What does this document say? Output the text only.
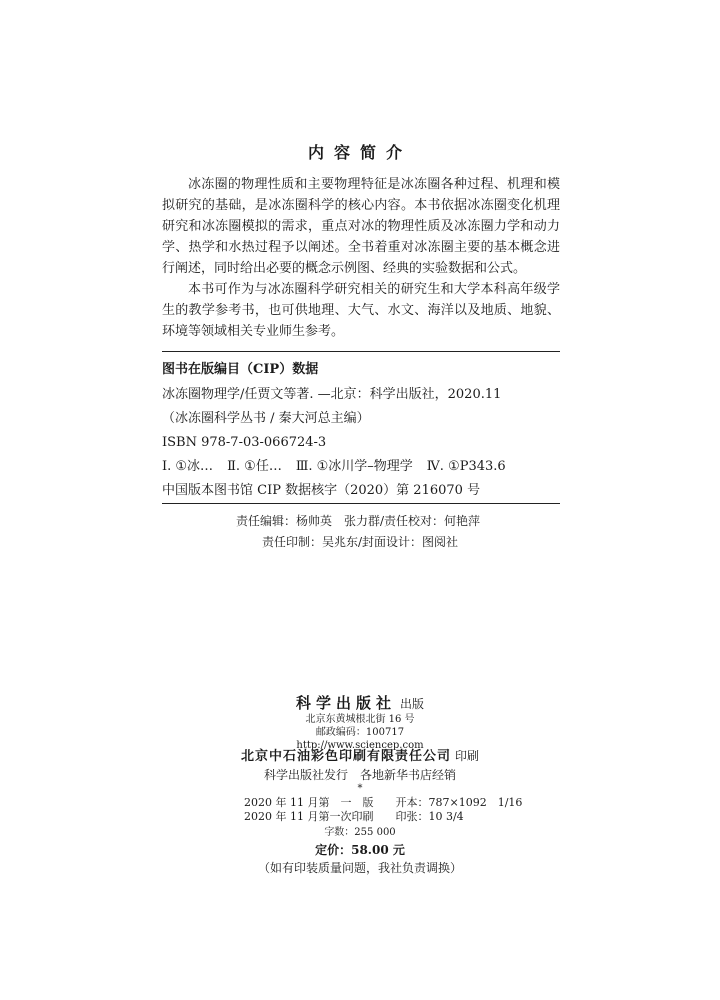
内容简介

冰冻圈的物理性质和主要物理特征是冰冻圈各种过程、机理和模拟研究的基础，是冰冻圈科学的核心内容。本书依据冰冻圈变化机理研究和冰冻圈模拟的需求，重点对冰的物理性质及冰冻圈力学和动力学、热学和水热过程予以阐述。全书着重对冰冻圈主要的基本概念进行阐述，同时给出必要的概念示例图、经典的实验数据和公式。

本书可作为与冰冻圈科学研究相关的研究生和大学本科高年级学生的教学参考书，也可供地理、大气、水文、海洋以及地质、地貌、环境等领域相关专业师生参考。

图书在版编目（CIP）数据
冰冻圈物理学/任贾文等著. —北京：科学出版社，2020.11
（冰冻圈科学丛书 / 秦大河总主编）
ISBN 978-7-03-066724-3
Ⅰ. ①冰… Ⅱ. ①任… Ⅲ. ①冰川学–物理学 Ⅳ. ①P343.6
中国版本图书馆 CIP 数据核字（2020）第 216070 号
责任编辑：杨帅英　张力群/责任校对：何艳萍
责任印制：吴兆东/封面设计：图阅社
科学出版社 出版
北京东黄城根北街 16 号
邮政编码：100717
http://www.sciencep.com
北京中石油彩色印刷有限责任公司 印刷
科学出版社发行　各地新华书店经销
*
2020 年 11 月第　一　版 开本：787×1092　1/16
2020 年 11 月第一次印刷 印张：10 3/4
字数：255 000
定价：58.00 元
（如有印装质量问题，我社负责调换）
